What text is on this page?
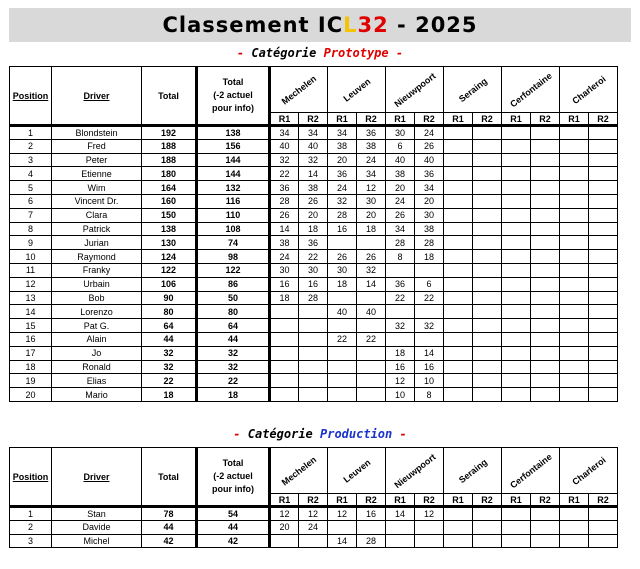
Classement ICL32 - 2025
- Catégorie Prototype -
Position	Driver	Total	Total
(-2 actuel
pour info)	Mechelen		Leuven		Nieuwpoort		Seraing		Cerfontaine		Charleroi	

				R1	R2	R1	R2	R1	R2	R1	R2	R1	R2	R1	R2
1	Blondstein	192	138	34	34	34	36	30	24						
2	Fred	188	156	40	40	38	38	6	26						
3	Peter	188	144	32	32	20	24	40	40						
4	Etienne	180	144	22	14	36	34	38	36						
5	Wim	164	132	36	38	24	12	20	34						
6	Vincent Dr.	160	116	28	26	32	30	24	20						
7	Clara	150	110	26	20	28	20	26	30						
8	Patrick	138	108	14	18	16	18	34	38						
9	Jurian	130	74	38	36			28	28						
10	Raymond	124	98	24	22	26	26	8	18						
11	Franky	122	122	30	30	30	32								
12	Urbain	106	86	16	16	18	14	36	6						
13	Bob	90	50	18	28			22	22						
14	Lorenzo	80	80			40	40								
15	Pat G.	64	64					32	32						
16	Alain	44	44			22	22								
17	Jo	32	32					18	14						
18	Ronald	32	32					16	16						
19	Elias	22	22					12	10						
20	Mario	18	18					10	8						
- Catégorie Production -
Position	Driver	Total	Total
(-2 actuel
pour info)	Mechelen		Leuven		Nieuwpoort		Seraing		Cerfontaine		Charleroi	

				R1	R2	R1	R2	R1	R2	R1	R2	R1	R2	R1	R2
1	Stan	78	54	12	12	12	16	14	12						
2	Davide	44	44	20	24										
3	Michel	42	42			14	28								
